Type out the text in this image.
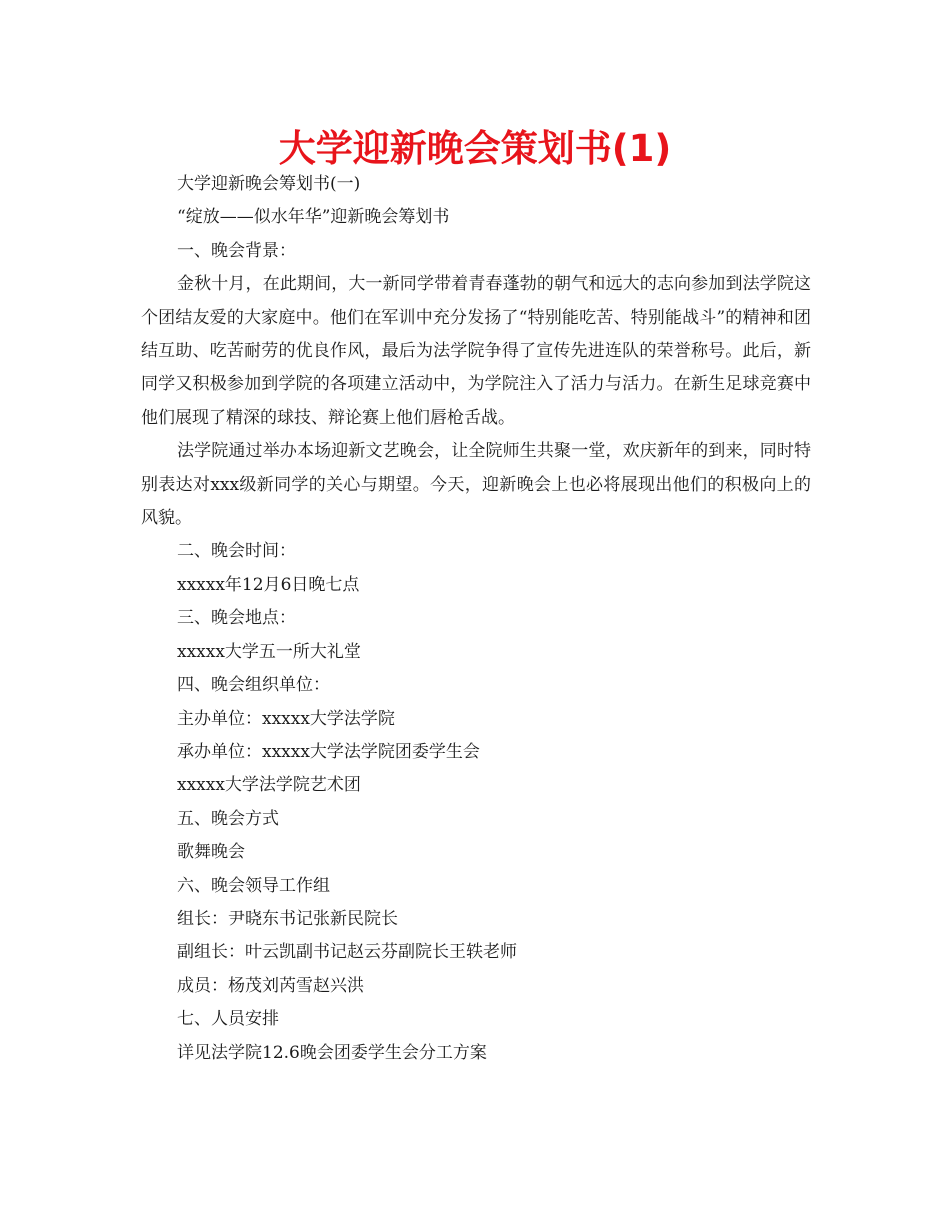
大学迎新晚会策划书(1)

大学迎新晚会筹划书(一)

“绽放——似水年华”迎新晚会筹划书

一、晚会背景：

金秋十月，在此期间，大一新同学带着青春蓬勃的朝气和远大的志向参加到法学院这个团结友爱的大家庭中。他们在军训中充分发扬了“特别能吃苦、特别能战斗”的精神和团结互助、吃苦耐劳的优良作风，最后为法学院争得了宣传先进连队的荣誉称号。此后，新同学又积极参加到学院的各项建立活动中，为学院注入了活力与活力。在新生足球竞赛中他们展现了精深的球技、辩论赛上他们唇枪舌战。

法学院通过举办本场迎新文艺晚会，让全院师生共聚一堂，欢庆新年的到来，同时特别表达对xxx级新同学的关心与期望。今天，迎新晚会上也必将展现出他们的积极向上的风貌。

二、晚会时间：

xxxxx年12月6日晚七点

三、晚会地点：

xxxxx大学五一所大礼堂

四、晚会组织单位：

主办单位：xxxxx大学法学院

承办单位：xxxxx大学法学院团委学生会

xxxxx大学法学院艺术团

五、晚会方式

歌舞晚会

六、晚会领导工作组

组长：尹晓东书记张新民院长

副组长：叶云凯副书记赵云芬副院长王轶老师

成员：杨茂刘芮雪赵兴洪

七、人员安排

详见法学院12.6晚会团委学生会分工方案
